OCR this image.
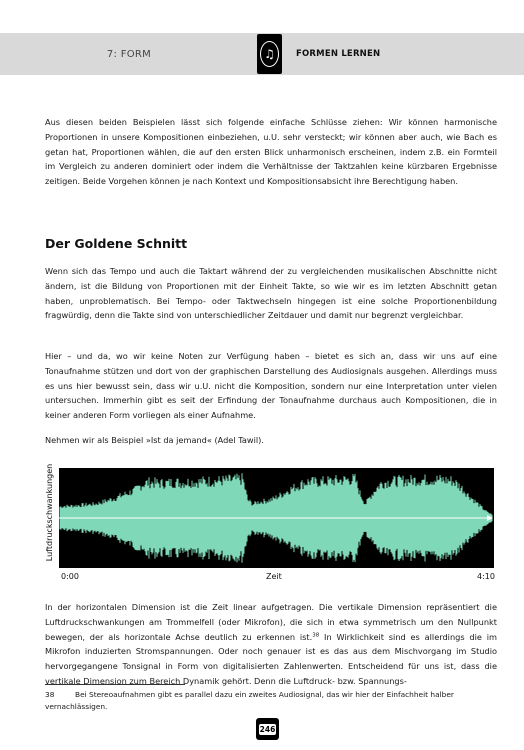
7: FORM	♫	FORMEN LERNEN

Aus diesen beiden Beispielen lässt sich folgende einfache Schlüsse ziehen: Wir können harmonische Proportionen in unsere Kompositionen einbeziehen, u.U. sehr versteckt; wir können aber auch, wie Bach es getan hat, Proportionen wählen, die auf den ersten Blick unharmonisch erscheinen, indem z.B. ein Formteil im Vergleich zu anderen dominiert oder indem die Verhältnisse der Taktzahlen keine kürzbaren Ergebnisse zeitigen. Beide Vorgehen können je nach Kontext und Kompositionsabsicht ihre Berechtigung haben.

Der Goldene Schnitt

Wenn sich das Tempo und auch die Taktart während der zu vergleichenden musikalischen Abschnitte nicht ändern, ist die Bildung von Proportionen mit der Einheit Takte, so wie wir es im letzten Abschnitt getan haben, unproblematisch. Bei Tempo- oder Taktwechseln hingegen ist eine solche Proportionenbildung fragwürdig, denn die Takte sind von unterschiedlicher Zeitdauer und damit nur begrenzt vergleichbar.

Hier – und da, wo wir keine Noten zur Verfügung haben – bietet es sich an, dass wir uns auf eine Tonaufnahme stützen und dort von der graphischen Darstellung des Audiosignals ausgehen. Allerdings muss es uns hier bewusst sein, dass wir u.U. nicht die Komposition, sondern nur eine Interpretation unter vielen untersuchen. Immerhin gibt es seit der Erfindung der Tonaufnahme durchaus auch Kompositionen, die in keiner anderen Form vorliegen als einer Aufnahme.

Nehmen wir als Beispiel »Ist da jemand« (Adel Tawil).

Luftdruckschwankungen
0:00	Zeit	4:10

In der horizontalen Dimension ist die Zeit linear aufgetragen. Die vertikale Dimension repräsentiert die Luftdruckschwankungen am Trommelfell (oder Mikrofon), die sich in etwa symmetrisch um den Nullpunkt bewegen, der als horizontale Achse deutlich zu erkennen ist.$^{38}$ In Wirklichkeit sind es allerdings die im Mikrofon induzierten Stromspannungen. Oder noch genauer ist es das aus dem Mischvorgang im Studio hervorgegangene Tonsignal in Form von digitalisierten Zahlenwerten. Entscheidend für uns ist, dass die vertikale Dimension zum Bereich Dynamik gehört. Denn die Luftdruck- bzw. Spannungs-

38	Bei Stereoaufnahmen gibt es parallel dazu ein zweites Audiosignal, das wir hier der Einfachheit halber vernachlässigen.

246
